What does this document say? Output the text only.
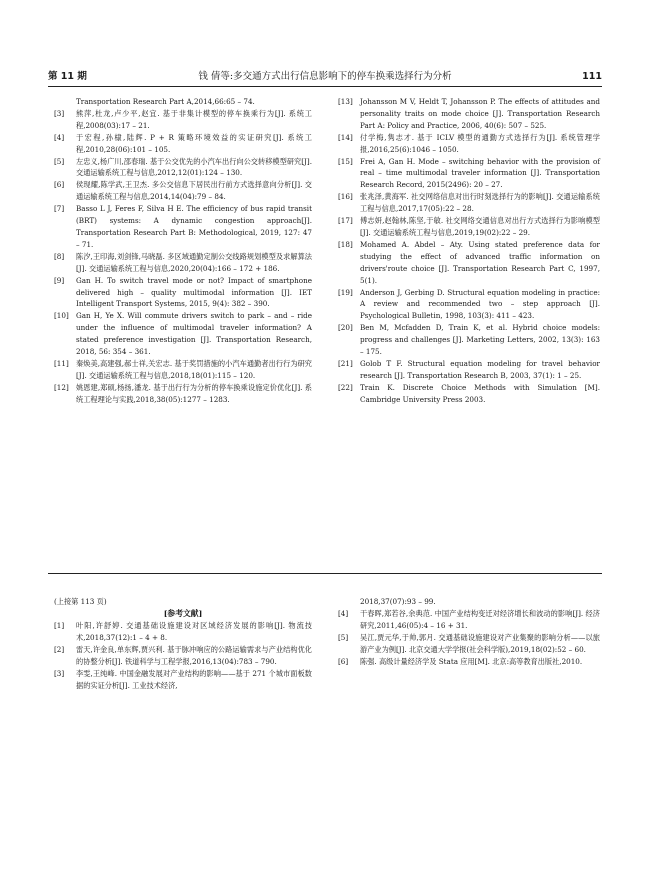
第 11 期	钱 倩等:多交通方式出行信息影响下的停车换乘选择行为分析	111
Transportation Research Part A,2014,66:65 – 74.

[3]	熊萍,杜龙,卢少平,赵宜. 基于非集计模型的停车换乘行为[J]. 系统工程,2008(03):17 – 21.

[4]	于宏程,孙棣,陆辉. P + R 策略环境效益的实证研究[J]. 系统工程,2010,28(06):101 – 105.

[5]	左忠义,杨广川,邵春瑞. 基于公交优先的小汽车出行向公交转移模型研究[J]. 交通运输系统工程与信息,2012,12(01):124 – 130.

[6]	侯现耀,陈学武,王卫杰. 多公交信息下居民出行前方式选择意向分析[J]. 交通运输系统工程与信息,2014,14(04):79 – 84.

[7]	Basso L J, Feres F, Silva H E. The efficiency of bus rapid transit (BRT) systems: A dynamic congestion approach[J]. Transportation Research Part B: Methodological, 2019, 127: 47 – 71.

[8]	陈汐,王印海,刘剑锋,马晓磊. 多区域通勤定制公交线路规划模型及求解算法[J]. 交通运输系统工程与信息,2020,20(04):166 – 172 + 186.

[9]	Gan H. To switch travel mode or not? Impact of smartphone delivered high – quality multimodal information [J]. IET Intelligent Transport Systems, 2015, 9(4): 382 – 390.

[10]	Gan H, Ye X. Will commute drivers switch to park – and – ride under the influence of multimodal traveler information? A stated preference investigation [J]. Transportation Research, 2018, 56: 354 – 361.

[11]	秦焕美,高建强,郝士祥,关宏志. 基于奖罚措施的小汽车通勤者出行行为研究[J]. 交通运输系统工程与信息,2018,18(01):115 – 120.

[12]	姚恩建,郑硕,杨扬,潘龙. 基于出行行为分析的停车换乘设施定价优化[J]. 系统工程理论与实践,2018,38(05):1277 – 1283.

[13]	Johansson M V, Heldt T, Johansson P. The effects of attitudes and personality traits on mode choice [J]. Transportation Research Part A: Policy and Practice, 2006, 40(6): 507 – 525.

[14]	付学梅,隽志才. 基于 ICLV 模型的通勤方式选择行为[J]. 系统管理学报,2016,25(6):1046 – 1050.

[15]	Frei A, Gan H. Mode – switching behavior with the provision of real – time multimodal traveler information [J]. Transportation Research Record, 2015(2496): 20 – 27.

[16]	张兆泽,黄海军. 社交网络信息对出行时刻选择行为的影响[J]. 交通运输系统工程与信息,2017,17(05):22 – 28.

[17]	傅志妍,赵翰林,陈坚,于敏. 社交网络交通信息对出行方式选择行为影响模型[J]. 交通运输系统工程与信息,2019,19(02):22 – 29.

[18]	Mohamed A. Abdel – Aty. Using stated preference data for studying the effect of advanced traffic information on drivers'route choice [J]. Transportation Research Part C, 1997, 5(1).

[19]	Anderson J, Gerbing D. Structural equation modeling in practice: A review and recommended two – step approach [J]. Psychological Bulletin, 1998, 103(3): 411 – 423.

[20]	Ben M, Mcfadden D, Train K, et al. Hybrid choice models: progress and challenges [J]. Marketing Letters, 2002, 13(3): 163 – 175.

[21]	Golob T F. Structural equation modeling for travel behavior research [J]. Transportation Research B, 2003, 37(1): 1 – 25.

[22]	Train K. Discrete Choice Methods with Simulation [M]. Cambridge University Press 2003.

(上接第 113 页)
[参考文献]

[1]	叶阳,许舒婷. 交通基础设施建设对区域经济发展的影响[J]. 物流技术,2018,37(12):1 – 4 + 8.

[2]	雷天,许金良,单东辉,贾兴利. 基于脉冲响应的公路运输需求与产业结构优化的协整分析[J]. 铁道科学与工程学报,2016,13(04):783 – 790.

[3]	李雯,王纯峰. 中国金融发展对产业结构的影响——基于 271 个城市面板数据的实证分析[J]. 工业技术经济,

2018,37(07):93 – 99.

[4]	干春晖,郑若谷,余典范. 中国产业结构变迁对经济增长和波动的影响[J]. 经济研究,2011,46(05):4 – 16 + 31.

[5]	吴江,贾元华,于帅,郭月. 交通基础设施建设对产业集聚的影响分析——以旅游产业为例[J]. 北京交通大学学报(社会科学版),2019,18(02):52 – 60.

[6]	陈强. 高级计量经济学及 Stata 应用[M]. 北京:高等教育出版社,2010.
